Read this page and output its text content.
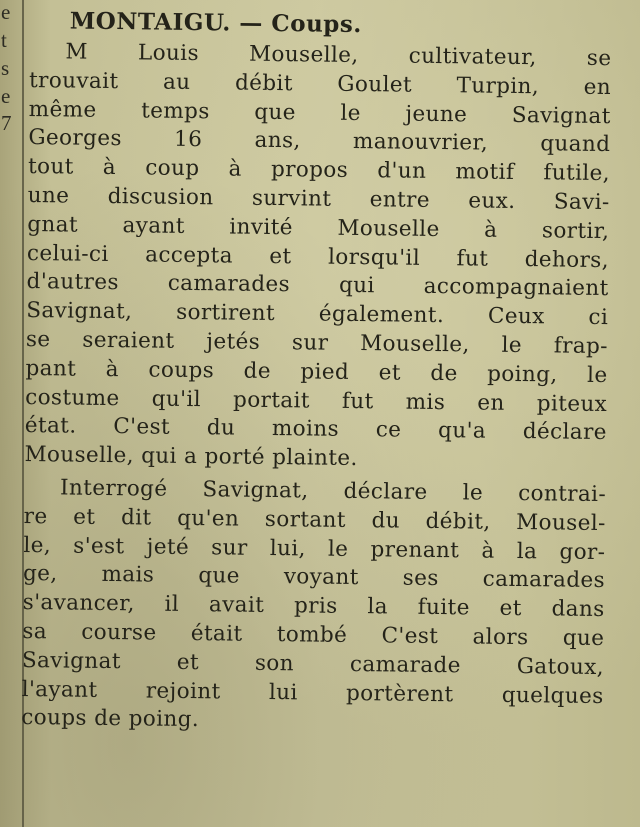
e
t
s
e
7
MONTAIGU. — Coups.
M Louis Mouselle, cultivateur, se
trouvait au débit Goulet Turpin, en
même temps que le jeune Savignat
Georges 16 ans, manouvrier, quand
tout à coup à propos d'un motif futile,
une discusion survint entre eux. Savi-
gnat ayant invité Mouselle à sortir,
celui-ci accepta et lorsqu'il fut dehors,
d'autres camarades qui accompagnaient
Savignat, sortirent également. Ceux ci
se seraient jetés sur Mouselle, le frap-
pant à coups de pied et de poing, le
costume qu'il portait fut mis en piteux
état. C'est du moins ce qu'a déclare
Mouselle, qui a porté plainte.
Interrogé Savignat, déclare le contrai-
re et dit qu'en sortant du débit, Mousel-
le, s'est jeté sur lui, le prenant à la gor-
ge, mais que voyant ses camarades
s'avancer, il avait pris la fuite et dans
sa course était tombé C'est alors que
Savignat et son camarade Gatoux,
l'ayant rejoint lui portèrent quelques
coups de poing.
